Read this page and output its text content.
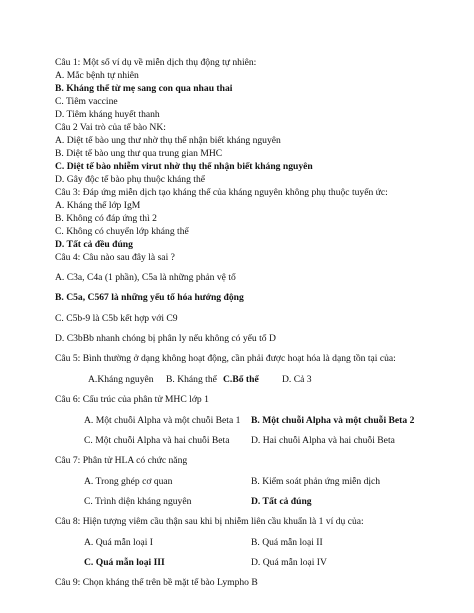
Câu 1: Một số ví dụ về miễn dịch thụ động tự nhiên:
A. Mắc bệnh tự nhiên
B. Kháng thể từ mẹ sang con qua nhau thai
C. Tiêm vaccine
D. Tiêm kháng huyết thanh
Câu 2 Vai trò của tế bào NK:
A. Diệt tế bào ung thư nhờ thụ thể nhận biết kháng nguyên
B. Diệt tế bào ung thư qua trung gian MHC
C. Diệt tế bào nhiễm virut nhờ thụ thể nhận biết kháng nguyên
D. Gây độc tế bào phụ thuộc kháng thể
Câu 3: Đáp ứng miễn dịch tạo kháng thể của kháng nguyên không phụ thuộc tuyến ức:
A. Kháng thể lớp IgM
B. Không có đáp ứng thì 2
C. Không có chuyển lớp kháng thể
D. Tất cả đều đúng
Câu 4: Câu nào sau đây là sai ?
A. C3a, C4a (1 phần), C5a là những phản vệ tố
B. C5a, C567 là những yếu tố hóa hướng động
C. C5b-9 là C5b kết hợp với C9
D. C3bBb nhanh chóng bị phân ly nếu không có yếu tố D
Câu 5: Bình thường ở dạng không hoạt động, cần phải được hoạt hóa là dạng tồn tại của:
A.Kháng nguyên B. Kháng thể C.Bổ thể D. Cả 3
Câu 6: Cấu trúc của phân tử MHC lớp 1
A. Một chuỗi Alpha và một chuỗi Beta 1 B. Một chuỗi Alpha và một chuỗi Beta 2
C. Một chuỗi Alpha và hai chuỗi Beta D. Hai chuỗi Alpha và hai chuỗi Beta
Câu 7: Phân tử HLA có chức năng
A. Trong ghép cơ quan	B. Kiểm soát phản ứng miễn dịch
C. Trình diện kháng nguyên	D. Tất cả đúng
Câu 8: Hiện tượng viêm cầu thận sau khi bị nhiễm liên cầu khuẩn là 1 ví dụ của:
A. Quá mẫn loại I	B. Quá mẫn loại II
C. Quá mẫn loại III	D. Quá mẫn loại IV
Câu 9: Chọn kháng thể trên bề mặt tế bào Lympho B
